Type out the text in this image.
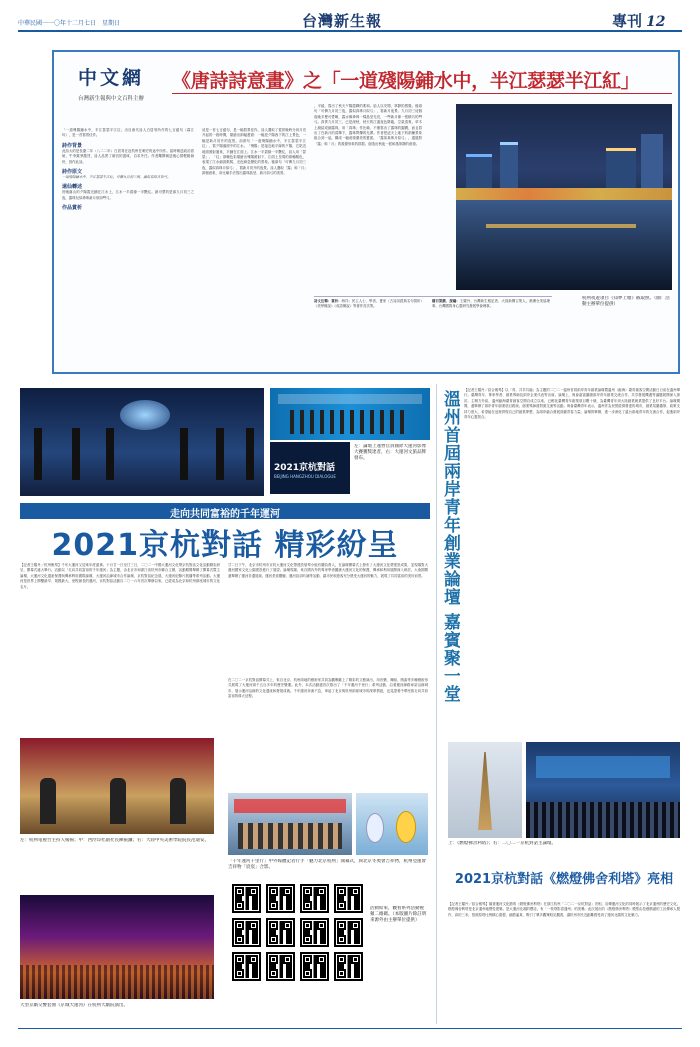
中華民國一一〇年十二月七日　星期日	台灣新生報	專刊 12
中文網
台灣新生報與中文百科主辦
《唐詩詩意畫》之「一道殘陽鋪水中，半江瑟瑟半江紅」
「一道殘陽鋪水中，半江瑟瑟半江紅」出自唐代詩人白居易所作的七言絕句《暮江吟》，是一首寫景佳作。
詩作背景
此詩大約是長慶二年（八二二年）白居易在赴杭州任刺史的途中所作。當時朝廷政治昏暗，牛李黨爭激烈，詩人品嘗了朝官的滋味，自求外任。作者離開朝廷後心情輕鬆愉快，因作此詩。
詩作原文
一道殘陽鋪水中，半江瑟瑟半江紅。可憐九月初三夜，露似真珠月似弓。
遠仙轉述
傍晚落山的夕陽霞光鋪在江水上，江水一半碧綠一半艷紅。最可愛的是那九月初三之夜，露珠兒似珍珠新月形如彎弓。
作品賞析
這是一首七言絕句，是一幅寫景佳作。詩人選取了從傍晚時分到月亮升起的一段時間，描繪出兩幅畫面：一幅是夕陽西下的江上景色，一幅是新月初升的夜景。前兩句「一道殘陽鋪水中，半江瑟瑟半江紅」，寫夕陽落照中的江水。「殘陽」是接近地平線的夕陽，它貼近地面照射過來，平鋪在江面上。江水一半碧綠一半艷紅，詩人用「瑟瑟」、「紅」兩種色彩描繪出殘陽照射下，江面上呈現的兩種顏色，表現了江水細波粼粼、光色瞬息變化的景象。後兩句「可憐九月初三夜，露似真珠月似弓」，寫新月初升的夜景。詩人選取「露」和「月」兩個意象，用比喻手法寫出露珠晶瑩、新月如弓的美景。
，平緩，寫出了秋天夕陽霞暉的柔和。給人以安閒、寧靜的感覺。後兩句「可憐九月初三夜，露似真珠月似弓」，寫新月夜景。九月初三這個夜晚多麼可愛啊，露水像珍珠一樣晶瑩光亮，一彎新月像一張精巧的彎弓。真實九月初三，已是深秋，秋天的江邊夜色降臨，空氣清爽，草木上凝結成細露珠，用「真珠」作比喻，不僅寫出了露珠的圓潤，而且寫出了在新月的清輝下，露珠閃爍的光澤。作者把這天上地下的兩種景象組合到一起，構成一幅意境優美的畫面。「露似真珠月似弓」，通過對「露」和「月」的視覺形象的描寫，創造出秋夜一派和諧寧靜的意境。
詩文注釋：賞析：海洋；民主人士、學者、畫家（古詩詞經典名句賞析）《美學概說》《成語概說》等著作首次集。
構目策劃、採編：王耀丹、台灣新生報記者、大陸新聞召集人、港澳台美協理事、台灣國際身心靈研究發展學會理事。
杭州夜遊項目《知夢上塘》截取照。（圖：活動主辦單位提供）
2021京杭對話
BEIJING HANGZHOU DIALOGUE
左：論壇上運營官員國際大運河影像大賽獲獎達者，右：大運河文旅品牌發布。
走向共同富裕的千年運河
2021京杭對話 精彩紛呈
【記者王耀丹／杭州報導】千年大運河又迎來年度盛事。十月廿一日至廿三日，二〇二一中國大運河文化帶京杭對話文化活動精彩紛呈，開幕式盛大舉行。活動以「走向共同富裕的千年運河」為主題，由北京市和浙江省杭州市聯合主辦，活動期間舉辦了開幕式暨主論壇、大運河文化遺產保護與傳承利用國際論壇、大運河沿線城市合作論壇、京杭對話紀念展、大運河紀錄片展播等系列活動。大運河是世界上開鑿最早、規模最大、里程最長的運河，京杭對話活動自二〇一六年首次舉辦以來，已經成為北京和杭州兩座城市的文化名片。
廿二日下午，北京市杭州市京杭大運河文化帶建設領導小組有關負責人，在論壇開幕式上發布了大運河文化帶建設成果，並現場對大運河國家文化公園建設進行了展望。論壇現場，來自國內外的專家學者圍繞大運河文化的保護、傳承和利用展開深入研討。大會期間還舉辦了運河非遺展演、運河美食體驗、運河詩詞吟誦等活動，讓市民和遊客充分感受大運河的魅力，展現了共同富裕的美好前景。
左：杭州電視台主持人楊揚；中：西泠印社副社長陳振濂；右：大陸中央美術學院院長范迪安。
大型京劇交響套曲《京城大運河》在杭州大劇院演出。
在二〇二一京杭對話開幕式上，來自北京、杭州兩地的藝術家共同為觀眾獻上了精彩的文藝演出，用音樂、舞蹈、戲曲等多種藝術形式展現了大運河兩千五百多年的歷史變遷。此外，本次活動還首次推出了「千年運河千里行」系列活動，沿著運河線路尋訪沿線城市，展示運河沿線的文化遺產和發展成就。千年運河奔流不息，串起了北京與杭州兩座城市的深厚情誼，也見證著中華民族走向共同富裕的偉大征程。
「千年運河千里行」中外媒體記者行手「魅力北京杭州」開幕式，與北京冬奧會吉祥物，杭州亞運會吉祥物「宸宸」合影。
活動結束，觀看系列活動視頻二維碼。（本版圖片除註明來源外由主辦單位提供）
溫州首屆兩岸青年創業論壇 嘉賓聚一堂 【記者王耀丹／綜合報導】以「青、共享共融」為主題的二〇二一溫州首屆兩岸青年創業論壇暨溫州（甌海）臺青創客空間活動日日前在溫州舉行。臺灣青年、專家學者、創業導師及兩岸企業代表等出席。論壇上，與會嘉賓圍繞兩岸青年創業交流合作、共享發展機遇等議題展開深入探討。主辦方介紹，溫州甌海臺青創客空間自成立以來，已孵化臺灣青年創業項目數十個，為臺灣青年到大陸創業就業提供了良好平台。論壇期間，還舉辦了兩岸青年創業項目路演、創業導師面對面交流等活動。與會臺灣青年表示，溫州作為民營經濟發達的城市，創業氛圍濃厚，政策支持力度大，希望能在這裡實現自己的創業夢想，為兩岸融合發展貢獻青春力量。論壇的舉辦，進一步深化了溫台兩地青年的交流合作，促進兩岸青年心靈契合。
上：《燃燈佛舍利塔》；右：二〇二一京杭對話主論壇。
2021京杭對話《燃燈佛舍利塔》亮相
【記者王耀丹／綜合報導】隨著運河文化節的《燃燈佛舍利塔》在浙江杭州「二〇二一京杭對話」亮相，宣傳運河文化的同時展示了北京通州的歷史文化。燃燈佛舍利塔是北京通州地標性建築，是大運河北端的標誌，有「一枝塔影認通州」的美譽。此次展出的《燃燈佛舍利塔》模型由技藝精湛的工匠傳承人製作，高約三米，按照原塔比例精心複製，細節逼真，吸引了眾多觀眾駐足觀看，讓杭州市民近距離感受到了運河北端的文化魅力。
